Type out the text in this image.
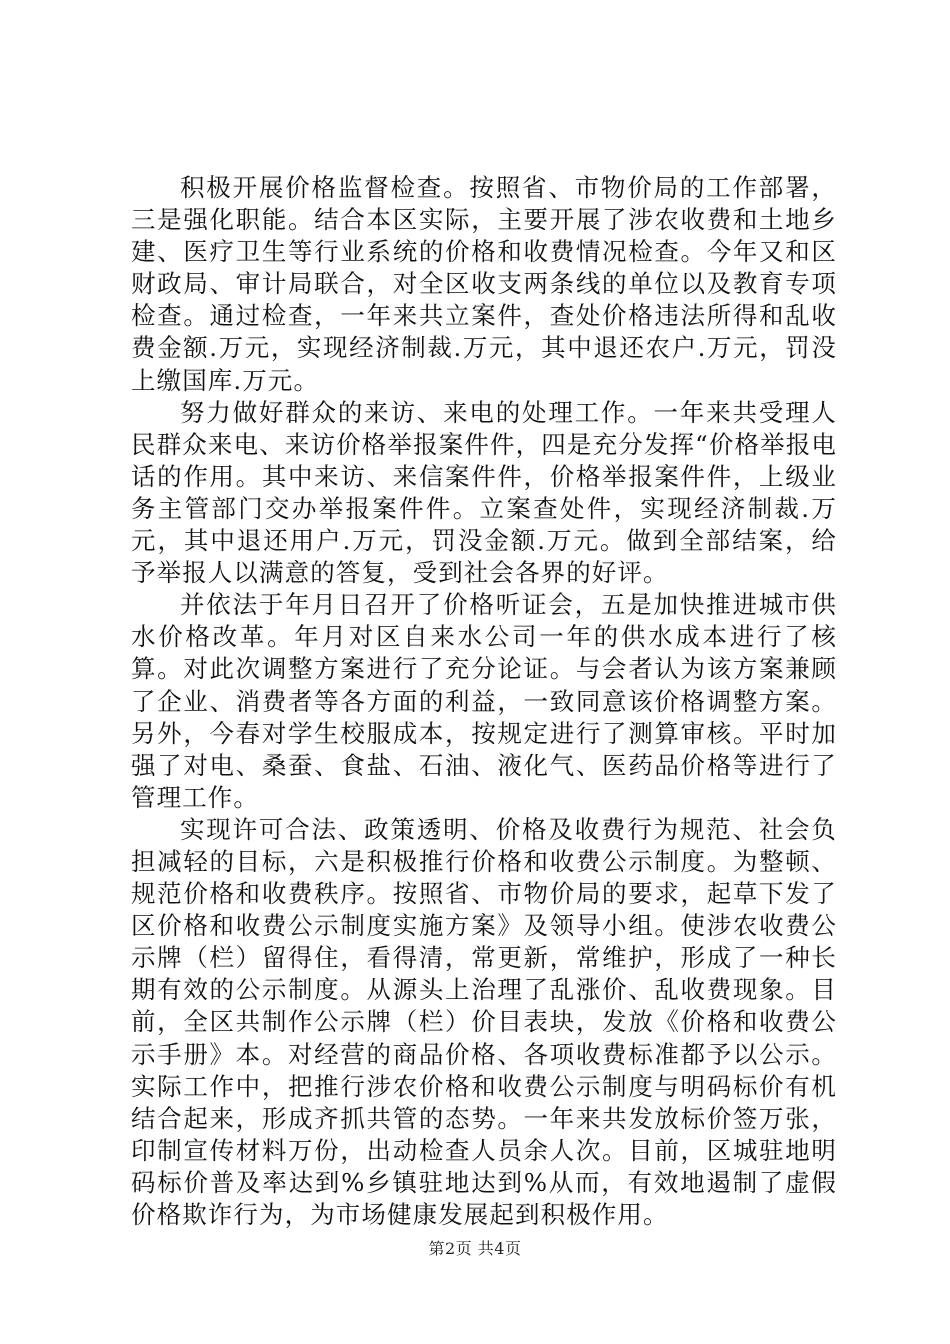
积极开展价格监督检查。按照省、市物价局的工作部署，三是强化职能。结合本区实际，主要开展了涉农收费和土地乡建、医疗卫生等行业系统的价格和收费情况检查。今年又和区财政局、审计局联合，对全区收支两条线的单位以及教育专项检查。通过检查，一年来共立案件，查处价格违法所得和乱收费金额.万元，实现经济制裁.万元，其中退还农户.万元，罚没上缴国库.万元。

努力做好群众的来访、来电的处理工作。一年来共受理人民群众来电、来访价格举报案件件，四是充分发挥“价格举报电话的作用。其中来访、来信案件件，价格举报案件件，上级业务主管部门交办举报案件件。立案查处件，实现经济制裁.万元，其中退还用户.万元，罚没金额.万元。做到全部结案，给予举报人以满意的答复，受到社会各界的好评。

并依法于年月日召开了价格听证会，五是加快推进城市供水价格改革。年月对区自来水公司一年的供水成本进行了核算。对此次调整方案进行了充分论证。与会者认为该方案兼顾了企业、消费者等各方面的利益，一致同意该价格调整方案。另外，今春对学生校服成本，按规定进行了测算审核。平时加强了对电、桑蚕、食盐、石油、液化气、医药品价格等进行了管理工作。

实现许可合法、政策透明、价格及收费行为规范、社会负担减轻的目标，六是积极推行价格和收费公示制度。为整顿、规范价格和收费秩序。按照省、市物价局的要求，起草下发了区价格和收费公示制度实施方案》及领导小组。使涉农收费公示牌（栏）留得住，看得清，常更新，常维护，形成了一种长期有效的公示制度。从源头上治理了乱涨价、乱收费现象。目前，全区共制作公示牌（栏）价目表块，发放《价格和收费公示手册》本。对经营的商品价格、各项收费标准都予以公示。实际工作中，把推行涉农价格和收费公示制度与明码标价有机结合起来，形成齐抓共管的态势。一年来共发放标价签万张，印制宣传材料万份，出动检查人员余人次。目前，区城驻地明码标价普及率达到%乡镇驻地达到%从而，有效地遏制了虚假价格欺诈行为，为市场健康发展起到积极作用。

第2页 共4页
